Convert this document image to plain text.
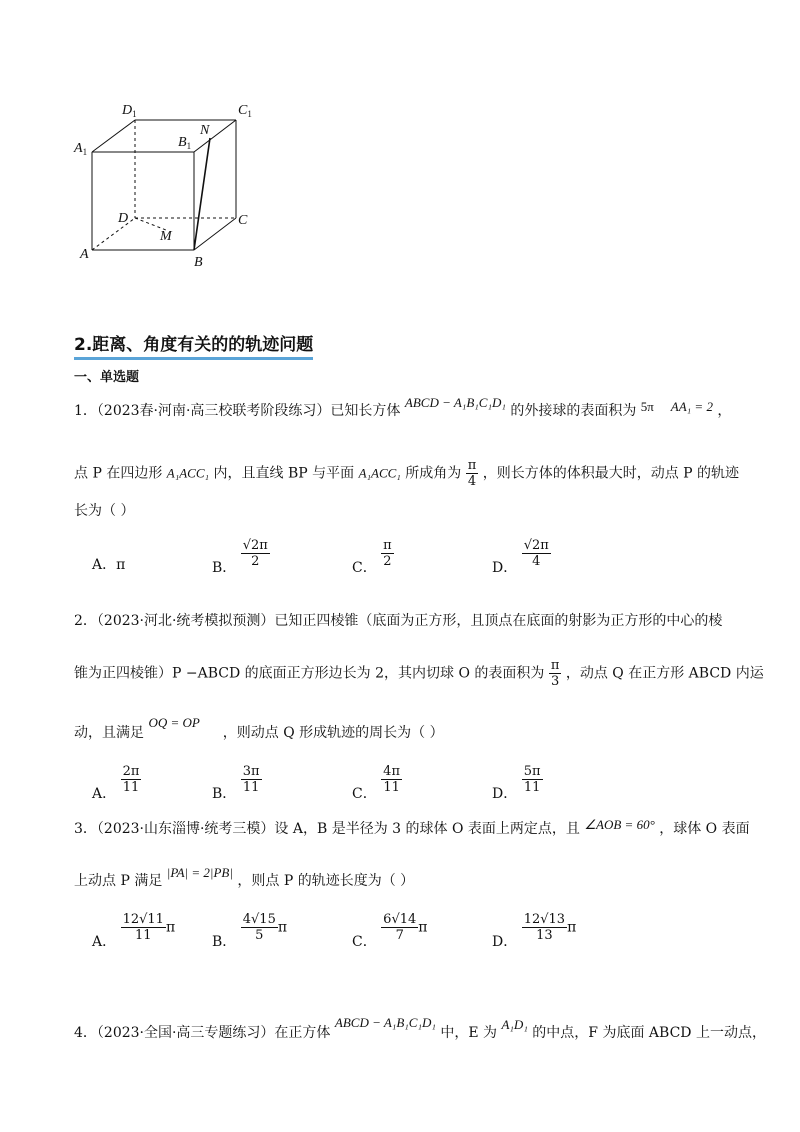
$D_1$	$C_1$
$A_1$
$B_1$
N
D	C
A
B
M
2.距离、角度有关的的轨迹问题
一、单选题
1．（2023春·河南·高三校联考阶段练习）已知长方体 ABCD − A₁B₁C₁D₁ 的外接球的表面积为 5π AA₁ = 2 ，
点 P 在四边形 A₁ACC₁ 内，且直线 BP 与平面 A₁ACC₁ 所成角为 $\frac{\pi}{4}$ ，则长方体的体积最大时，动点 P 的轨迹
长为（ ）
A．π	B． $\frac{√2\pi}{2}$	C． $\frac{\pi}{2}$	D． $\frac{√2\pi}{4}$
2．（2023·河北·统考模拟预测）已知正四棱锥（底面为正方形，且顶点在底面的射影为正方形的中心的棱
锥为正四棱锥）P −ABCD 的底面正方形边长为 2，其内切球 O 的表面积为 $\frac{\pi}{3}$ ，动点 Q 在正方形 ABCD 内运
动，且满足 OQ = OP  ，则动点 Q 形成轨迹的周长为（ ）
A． $\frac{2\pi}{11}$	B． $\frac{3\pi}{11}$	C． $\frac{4\pi}{11}$	D． $\frac{5\pi}{11}$
3．（2023·山东淄博·统考三模）设 A，B 是半径为 3 的球体 O 表面上两定点，且 ∠AOB = 60° ，球体 O 表面
上动点 P 满足 |PA| = 2|PB| ，则点 P 的轨迹长度为（ ）
A． $\frac{12√11}{11}$ π
B． $\frac{4√15}{5}$ π
C． $\frac{6√14}{7}$ π
D． $\frac{12√13}{13}$ π
4．（2023·全国·高三专题练习）在正方体 ABCD − A₁B₁C₁D₁ 中，E 为 A₁D₁ 的中点，F 为底面 ABCD 上一动点，
